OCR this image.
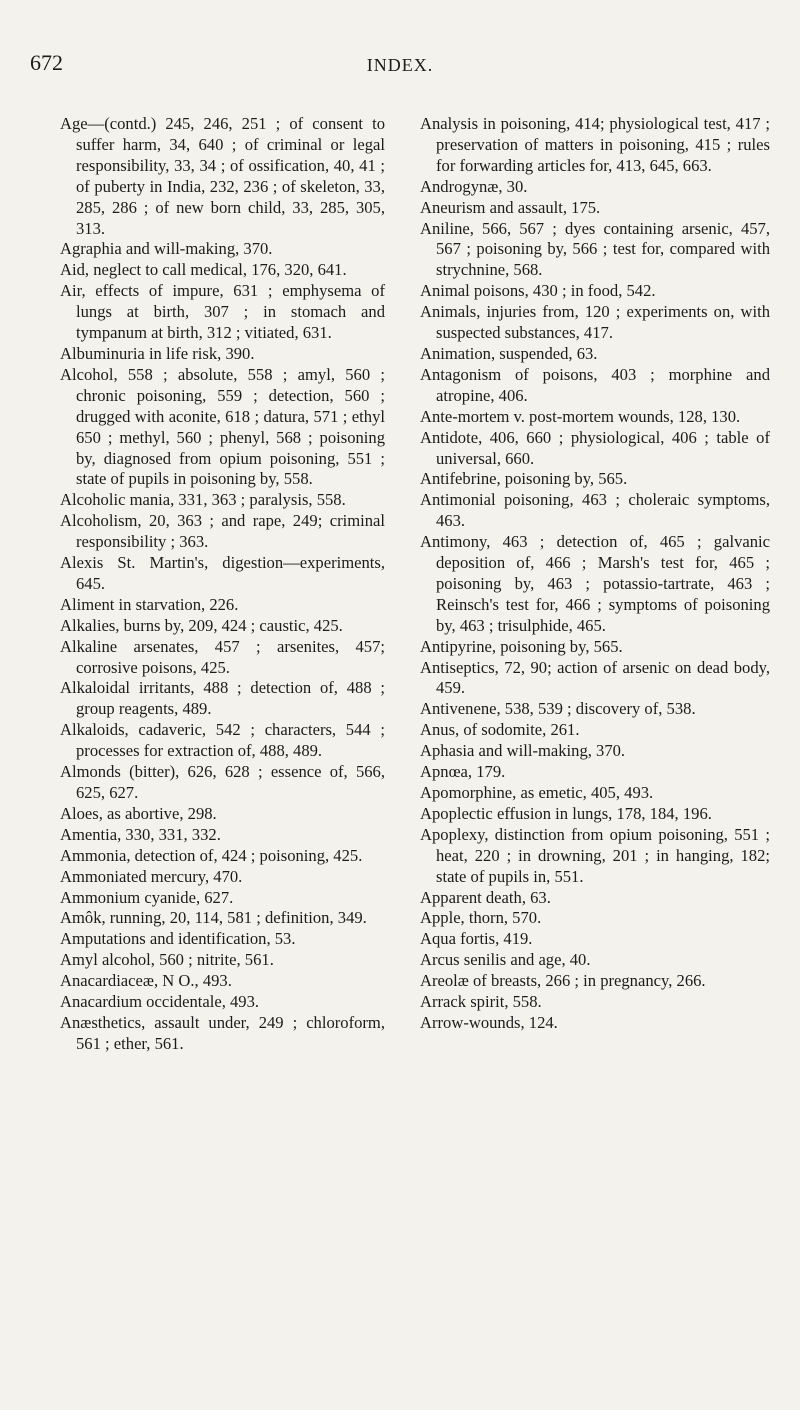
672	INDEX.

Age—(contd.) 245, 246, 251 ; of consent to suffer harm, 34, 640 ; of criminal or legal responsibility, 33, 34 ; of ossification, 40, 41 ; of puberty in India, 232, 236 ; of skeleton, 33, 285, 286 ; of new born child, 33, 285, 305, 313.

Agraphia and will-making, 370.

Aid, neglect to call medical, 176, 320, 641.

Air, effects of impure, 631 ; emphysema of lungs at birth, 307 ; in stomach and tympanum at birth, 312 ; vitiated, 631.

Albuminuria in life risk, 390.

Alcohol, 558 ; absolute, 558 ; amyl, 560 ; chronic poisoning, 559 ; detection, 560 ; drugged with aconite, 618 ; datura, 571 ; ethyl 650 ; methyl, 560 ; phenyl, 568 ; poisoning by, diagnosed from opium poisoning, 551 ; state of pupils in poisoning by, 558.

Alcoholic mania, 331, 363 ; paralysis, 558.

Alcoholism, 20, 363 ; and rape, 249; criminal responsibility ; 363.

Alexis St. Martin's, digestion—experiments, 645.

Aliment in starvation, 226.

Alkalies, burns by, 209, 424 ; caustic, 425.

Alkaline arsenates, 457 ; arsenites, 457; corrosive poisons, 425.

Alkaloidal irritants, 488 ; detection of, 488 ; group reagents, 489.

Alkaloids, cadaveric, 542 ; characters, 544 ; processes for extraction of, 488, 489.

Almonds (bitter), 626, 628 ; essence of, 566, 625, 627.

Aloes, as abortive, 298.

Amentia, 330, 331, 332.

Ammonia, detection of, 424 ; poisoning, 425.

Ammoniated mercury, 470.

Ammonium cyanide, 627.

Amôk, running, 20, 114, 581 ; definition, 349.

Amputations and identification, 53.

Amyl alcohol, 560 ; nitrite, 561.

Anacardiaceæ, N O., 493.

Anacardium occidentale, 493.

Anæsthetics, assault under, 249 ; chloroform, 561 ; ether, 561.

Analysis in poisoning, 414; physiological test, 417 ; preservation of matters in poisoning, 415 ; rules for forwarding articles for, 413, 645, 663.

Androgynæ, 30.

Aneurism and assault, 175.

Aniline, 566, 567 ; dyes containing arsenic, 457, 567 ; poisoning by, 566 ; test for, compared with strychnine, 568.

Animal poisons, 430 ; in food, 542.

Animals, injuries from, 120 ; experiments on, with suspected substances, 417.

Animation, suspended, 63.

Antagonism of poisons, 403 ; morphine and atropine, 406.

Ante-mortem v. post-mortem wounds, 128, 130.

Antidote, 406, 660 ; physiological, 406 ; table of universal, 660.

Antifebrine, poisoning by, 565.

Antimonial poisoning, 463 ; choleraic symptoms, 463.

Antimony, 463 ; detection of, 465 ; galvanic deposition of, 466 ; Marsh's test for, 465 ; poisoning by, 463 ; potassio-tartrate, 463 ; Reinsch's test for, 466 ; symptoms of poisoning by, 463 ; trisulphide, 465.

Antipyrine, poisoning by, 565.

Antiseptics, 72, 90; action of arsenic on dead body, 459.

Antivenene, 538, 539 ; discovery of, 538.

Anus, of sodomite, 261.

Aphasia and will-making, 370.

Apnœa, 179.

Apomorphine, as emetic, 405, 493.

Apoplectic effusion in lungs, 178, 184, 196.

Apoplexy, distinction from opium poisoning, 551 ; heat, 220 ; in drowning, 201 ; in hanging, 182; state of pupils in, 551.

Apparent death, 63.

Apple, thorn, 570.

Aqua fortis, 419.

Arcus senilis and age, 40.

Areolæ of breasts, 266 ; in pregnancy, 266.

Arrack spirit, 558.

Arrow-wounds, 124.
